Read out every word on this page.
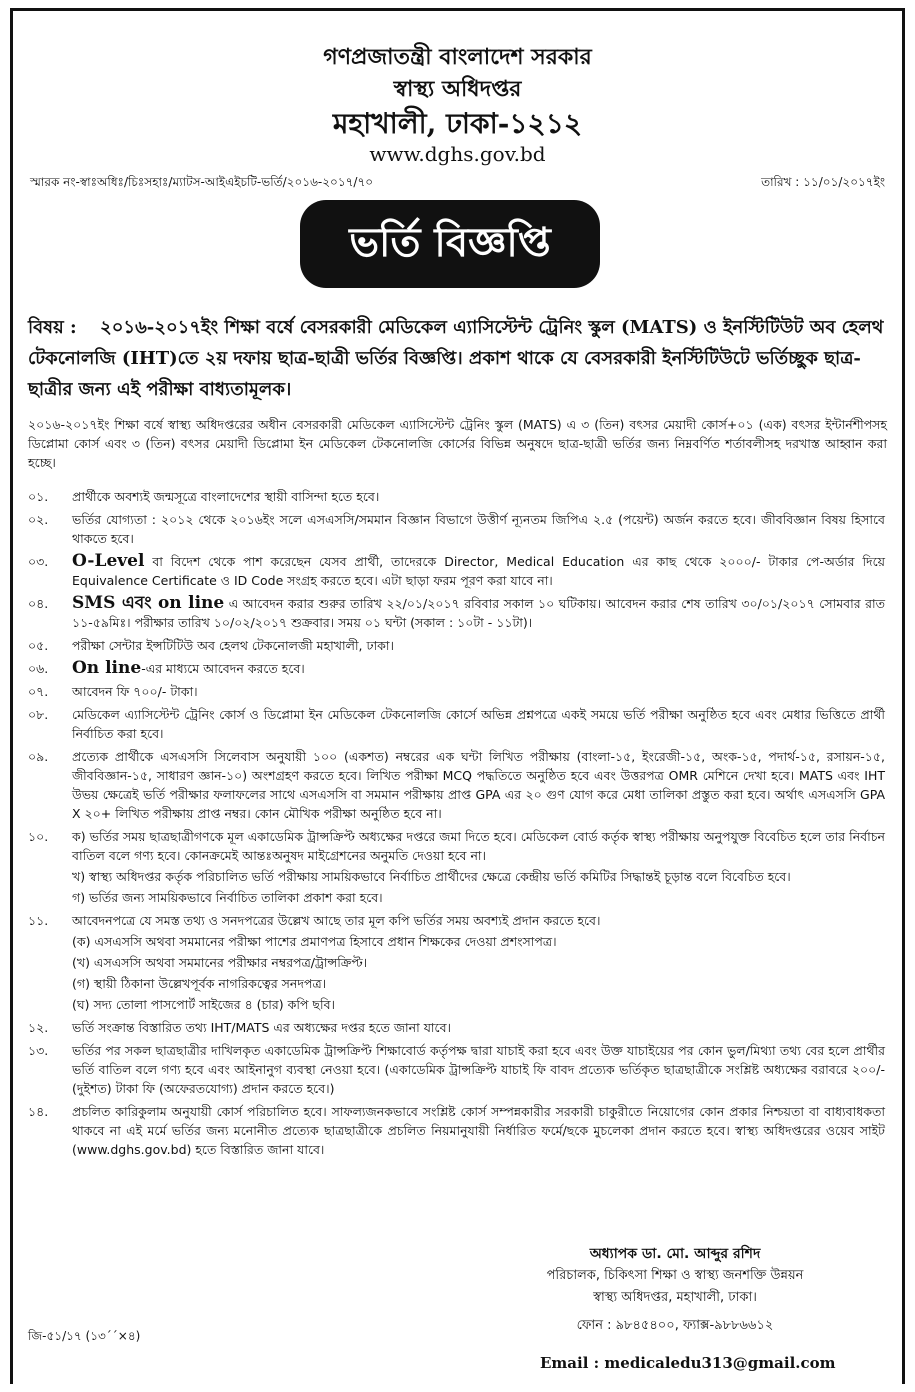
গণপ্রজাতন্ত্রী বাংলাদেশ সরকার
স্বাস্থ্য অধিদপ্তর
মহাখালী, ঢাকা-১২১২
www.dghs.gov.bd
স্মারক নং-স্বাঃঅধিঃ/চিঃসহাঃ/ম্যাটস-আইএইচটি-ভর্তি/২০১৬-২০১৭/৭০	তারিখ : ১১/০১/২০১৭ইং
ভর্তি বিজ্ঞপ্তি
বিষয় : ২০১৬-২০১৭ইং শিক্ষা বর্ষে বেসরকারী মেডিকেল এ্যাসিস্টেন্ট ট্রেনিং স্কুল (MATS) ও ইনস্টিটিউট অব হেলথ টেকনোলজি (IHT)তে ২য় দফায় ছাত্র-ছাত্রী ভর্তির বিজ্ঞপ্তি। প্রকাশ থাকে যে বেসরকারী ইনস্টিটিউটে ভর্তিচ্ছুক ছাত্র-ছাত্রীর জন্য এই পরীক্ষা বাধ্যতামূলক।
২০১৬-২০১৭ইং শিক্ষা বর্ষে স্বাস্থ্য অধিদপ্তরের অধীন বেসরকারী মেডিকেল এ্যাসিস্টেন্ট ট্রেনিং স্কুল (MATS) এ ৩ (তিন) বৎসর মেয়াদী কোর্স+০১ (এক) বৎসর ইন্টার্নশীপসহ ডিপ্লোমা কোর্স এবং ৩ (তিন) বৎসর মেয়াদী ডিপ্লোমা ইন মেডিকেল টেকনোলজি কোর্সের বিভিন্ন অনুষদে ছাত্র-ছাত্রী ভর্তির জন্য নিম্নবর্ণিত শর্তাবলীসহ দরখাস্ত আহ্বান করা হচ্ছে।
০১.	প্রার্থীকে অবশ্যই জন্মসূত্রে বাংলাদেশের স্থায়ী বাসিন্দা হতে হবে।
০২.	ভর্তির যোগ্যতা : ২০১২ থেকে ২০১৬ইং সলে এসএসসি/সমমান বিজ্ঞান বিভাগে উত্তীর্ণ ন্যূনতম জিপিএ ২.৫ (পয়েন্ট) অর্জন করতে হবে। জীববিজ্ঞান বিষয় হিসাবে থাকতে হবে।
০৩.	O-Level বা বিদেশ থেকে পাশ করেছেন যেসব প্রার্থী, তাদেরকে Director, Medical Education এর কাছ থেকে ২০০০/- টাকার পে-অর্ডার দিয়ে Equivalence Certificate ও ID Code সংগ্রহ করতে হবে। এটা ছাড়া ফরম পূরণ করা যাবে না।
০৪.	SMS এবং on line এ আবেদন করার শুরুর তারিখ ২২/০১/২০১৭ রবিবার সকাল ১০ ঘটিকায়। আবেদন করার শেষ তারিখ ৩০/০১/২০১৭ সোমবার রাত ১১-৫৯মিঃ। পরীক্ষার তারিখ ১০/০২/২০১৭ শুক্রবার। সময় ০১ ঘন্টা (সকাল : ১০টা - ১১টা)।
০৫.	পরীক্ষা সেন্টার ইন্সটিটিউ অব হেলথ টেকনোলজী মহাখালী, ঢাকা।
০৬.	On line-এর মাধ্যমে আবেদন করতে হবে।
০৭.	আবেদন ফি ৭০০/- টাকা।
০৮.	মেডিকেল এ্যাসিস্টেন্ট ট্রেনিং কোর্স ও ডিপ্লোমা ইন মেডিকেল টেকনোলজি কোর্সে অভিন্ন প্রশ্নপত্রে একই সময়ে ভর্তি পরীক্ষা অনুষ্ঠিত হবে এবং মেধার ভিত্তিতে প্রার্থী নির্বাচিত করা হবে।
০৯.	প্রত্যেক প্রার্থীকে এসএসসি সিলেবাস অনুযায়ী ১০০ (একশত) নম্বরের এক ঘন্টা লিখিত পরীক্ষায় (বাংলা-১৫, ইংরেজী-১৫, অংক-১৫, পদার্থ-১৫, রসায়ন-১৫, জীববিজ্ঞান-১৫, সাধারণ জ্ঞান-১০) অংশগ্রহণ করতে হবে। লিখিত পরীক্ষা MCQ পদ্ধতিতে অনুষ্ঠিত হবে এবং উত্তরপত্র OMR মেশিনে দেখা হবে। MATS এবং IHT উভয় ক্ষেত্রেই ভর্তি পরীক্ষার ফলাফলের সাথে এসএসসি বা সমমান পরীক্ষায় প্রাপ্ত GPA এর ২০ গুণ যোগ করে মেধা তালিকা প্রস্তুত করা হবে। অর্থাৎ এসএসসি GPA X ২০+ লিখিত পরীক্ষায় প্রাপ্ত নম্বর। কোন মৌখিক পরীক্ষা অনুষ্ঠিত হবে না।
১০.	ক) ভর্তির সময় ছাত্রছাত্রীগণকে মূল একাডেমিক ট্রান্সক্রিপ্ট অধ্যক্ষের দপ্তরে জমা দিতে হবে। মেডিকেল বোর্ড কর্তৃক স্বাস্থ্য পরীক্ষায় অনুপযুক্ত বিবেচিত হলে তার নির্বাচন বাতিল বলে গণ্য হবে। কোনক্রমেই আন্তঃঅনুষদ মাইগ্রেশনের অনুমতি দেওয়া হবে না।
খ) স্বাস্থ্য অধিদপ্তর কর্তৃক পরিচালিত ভর্তি পরীক্ষায় সাময়িকভাবে নির্বাচিত প্রার্থীদের ক্ষেত্রে কেন্দ্রীয় ভর্তি কমিটির সিদ্ধান্তই চূড়ান্ত বলে বিবেচিত হবে।
গ) ভর্তির জন্য সাময়িকভাবে নির্বাচিত তালিকা প্রকাশ করা হবে।
১১.	আবেদনপত্রে যে সমস্ত তথ্য ও সনদপত্রের উল্লেখ আছে তার মূল কপি ভর্তির সময় অবশ্যই প্রদান করতে হবে।
(ক) এসএসসি অথবা সমমানের পরীক্ষা পাশের প্রমাণপত্র হিসাবে প্রধান শিক্ষকের দেওয়া প্রশংসাপত্র।
(খ) এসএসসি অথবা সমমানের পরীক্ষার নম্বরপত্র/ট্রান্সক্রিপ্ট।
(গ) স্থায়ী ঠিকানা উল্লেখপূর্বক নাগরিকত্বের সনদপত্র।
(ঘ) সদ্য তোলা পাসপোর্ট সাইজের ৪ (চার) কপি ছবি।
১২.	ভর্তি সংক্রান্ত বিস্তারিত তথ্য IHT/MATS এর অধ্যক্ষের দপ্তর হতে জানা যাবে।
১৩.	ভর্তির পর সকল ছাত্রছাত্রীর দাখিলকৃত একাডেমিক ট্রান্সক্রিপ্ট শিক্ষাবোর্ড কর্তৃপক্ষ দ্বারা যাচাই করা হবে এবং উক্ত যাচাইয়ের পর কোন ভুল/মিথ্যা তথ্য বের হলে প্রার্থীর ভর্তি বাতিল বলে গণ্য হবে এবং আইনানুগ ব্যবস্থা নেওয়া হবে। (একাডেমিক ট্রান্সক্রিপ্ট যাচাই ফি বাবদ প্রত্যেক ভর্তিকৃত ছাত্রছাত্রীকে সংশ্লিষ্ট অধ্যক্ষের বরাবরে ২০০/- (দুইশত) টাকা ফি (অফেরতযোগ্য) প্রদান করতে হবে।)
১৪.	প্রচলিত কারিকুলাম অনুযায়ী কোর্স পরিচালিত হবে। সাফল্যজনকভাবে সংশ্লিষ্ট কোর্স সম্পন্নকারীর সরকারী চাকুরীতে নিয়োগের কোন প্রকার নিশ্চয়তা বা বাধ্যবাধকতা থাকবে না এই মর্মে ভর্তির জন্য মনোনীত প্রত্যেক ছাত্রছাত্রীকে প্রচলিত নিয়মানুযায়ী নির্ধারিত ফর্মে/ছকে মুচলেকা প্রদান করতে হবে। স্বাস্থ্য অধিদপ্তরের ওয়েব সাইট (www.dghs.gov.bd) হতে বিস্তারিত জানা যাবে।
অধ্যাপক ডা. মো. আব্দুর রশিদ
পরিচালক, চিকিৎসা শিক্ষা ও স্বাস্থ্য জনশক্তি উন্নয়ন
স্বাস্থ্য অধিদপ্তর, মহাখালী, ঢাকা।
ফোন : ৯৮৪৫৪০০, ফ্যাক্স-৯৮৮৬৬১২
জি-৫১/১৭ (১৩´´×৪)
Email : medicaledu313@gmail.com
